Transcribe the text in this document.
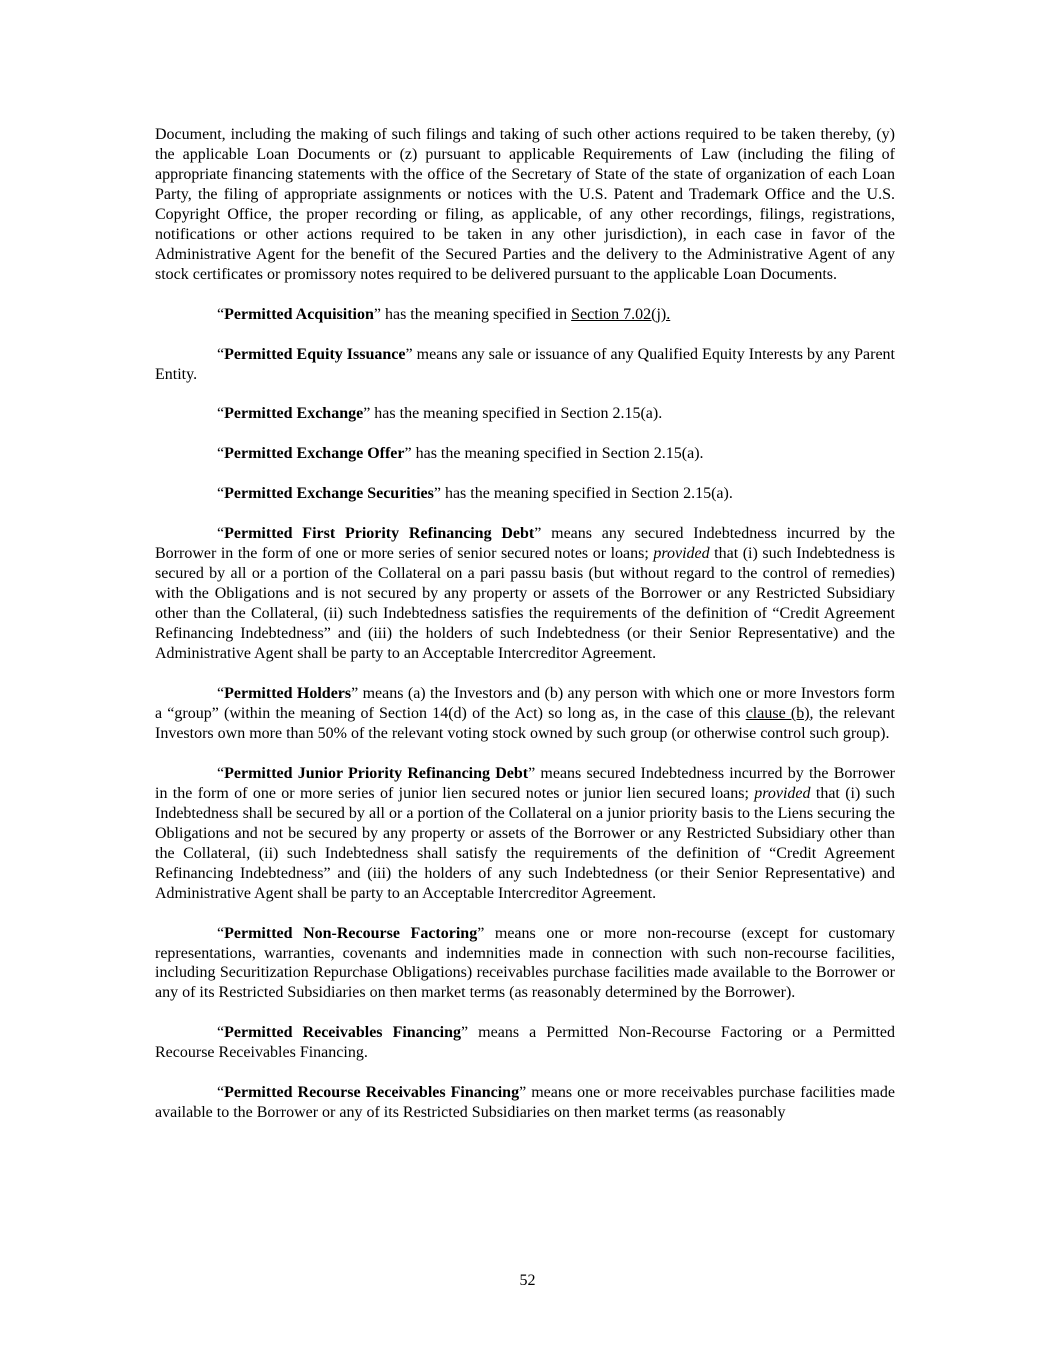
Document, including the making of such filings and taking of such other actions required to be taken thereby, (y) the applicable Loan Documents or (z) pursuant to applicable Requirements of Law (including the filing of appropriate financing statements with the office of the Secretary of State of the state of organization of each Loan Party, the filing of appropriate assignments or notices with the U.S. Patent and Trademark Office and the U.S. Copyright Office, the proper recording or filing, as applicable, of any other recordings, filings, registrations, notifications or other actions required to be taken in any other jurisdiction), in each case in favor of the Administrative Agent for the benefit of the Secured Parties and the delivery to the Administrative Agent of any stock certificates or promissory notes required to be delivered pursuant to the applicable Loan Documents.

“Permitted Acquisition” has the meaning specified in Section 7.02(j).

“Permitted Equity Issuance” means any sale or issuance of any Qualified Equity Interests by any Parent Entity.

“Permitted Exchange” has the meaning specified in Section 2.15(a).

“Permitted Exchange Offer” has the meaning specified in Section 2.15(a).

“Permitted Exchange Securities” has the meaning specified in Section 2.15(a).

“Permitted First Priority Refinancing Debt” means any secured Indebtedness incurred by the Borrower in the form of one or more series of senior secured notes or loans; provided that (i) such Indebtedness is secured by all or a portion of the Collateral on a pari passu basis (but without regard to the control of remedies) with the Obligations and is not secured by any property or assets of the Borrower or any Restricted Subsidiary other than the Collateral, (ii) such Indebtedness satisfies the requirements of the definition of “Credit Agreement Refinancing Indebtedness” and (iii) the holders of such Indebtedness (or their Senior Representative) and the Administrative Agent shall be party to an Acceptable Intercreditor Agreement.

“Permitted Holders” means (a) the Investors and (b) any person with which one or more Investors form a “group” (within the meaning of Section 14(d) of the Act) so long as, in the case of this clause (b), the relevant Investors own more than 50% of the relevant voting stock owned by such group (or otherwise control such group).

“Permitted Junior Priority Refinancing Debt” means secured Indebtedness incurred by the Borrower in the form of one or more series of junior lien secured notes or junior lien secured loans; provided that (i) such Indebtedness shall be secured by all or a portion of the Collateral on a junior priority basis to the Liens securing the Obligations and not be secured by any property or assets of the Borrower or any Restricted Subsidiary other than the Collateral, (ii) such Indebtedness shall satisfy the requirements of the definition of “Credit Agreement Refinancing Indebtedness” and (iii) the holders of any such Indebtedness (or their Senior Representative) and Administrative Agent shall be party to an Acceptable Intercreditor Agreement.

“Permitted Non-Recourse Factoring” means one or more non-recourse (except for customary representations, warranties, covenants and indemnities made in connection with such non-recourse facilities, including Securitization Repurchase Obligations) receivables purchase facilities made available to the Borrower or any of its Restricted Subsidiaries on then market terms (as reasonably determined by the Borrower).

“Permitted Receivables Financing” means a Permitted Non-Recourse Factoring or a Permitted Recourse Receivables Financing.

“Permitted Recourse Receivables Financing” means one or more receivables purchase facilities made available to the Borrower or any of its Restricted Subsidiaries on then market terms (as reasonably

52
